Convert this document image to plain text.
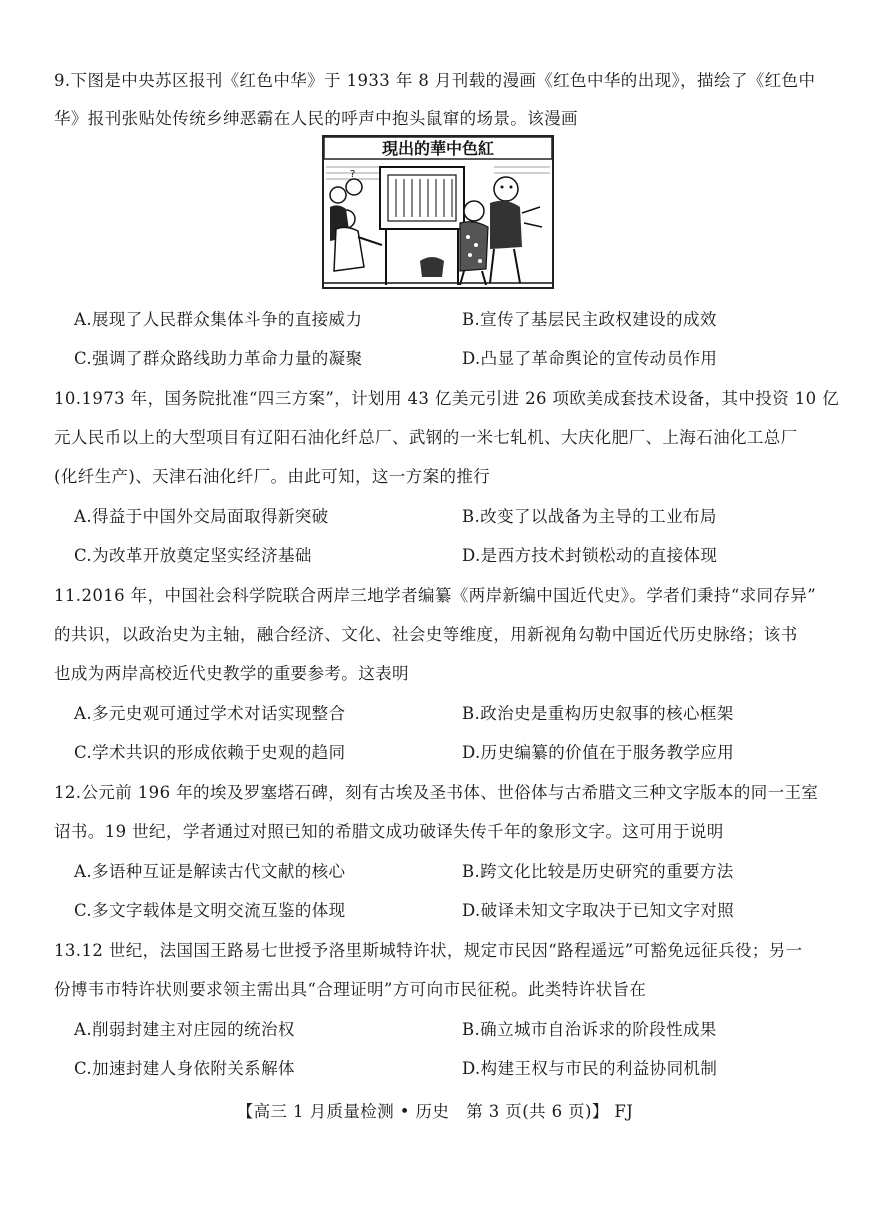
9.下图是中央苏区报刊《红色中华》于 1933 年 8 月刊载的漫画《红色中华的出现》，描绘了《红色中
华》报刊张贴处传统乡绅恶霸在人民的呼声中抱头鼠窜的场景。该漫画
現出的華中色紅
?
A.展现了人民群众集体斗争的直接威力	B.宣传了基层民主政权建设的成效
C.强调了群众路线助力革命力量的凝聚	D.凸显了革命舆论的宣传动员作用
10.1973 年，国务院批准“四三方案”，计划用 43 亿美元引进 26 项欧美成套技术设备，其中投资 10 亿
元人民币以上的大型项目有辽阳石油化纤总厂、武钢的一米七轧机、大庆化肥厂、上海石油化工总厂
(化纤生产)、天津石油化纤厂。由此可知，这一方案的推行
A.得益于中国外交局面取得新突破	B.改变了以战备为主导的工业布局
C.为改革开放奠定坚实经济基础	D.是西方技术封锁松动的直接体现
11.2016 年，中国社会科学院联合两岸三地学者编纂《两岸新编中国近代史》。学者们秉持“求同存异”
的共识，以政治史为主轴，融合经济、文化、社会史等维度，用新视角勾勒中国近代历史脉络；该书
也成为两岸高校近代史教学的重要参考。这表明
A.多元史观可通过学术对话实现整合	B.政治史是重构历史叙事的核心框架
C.学术共识的形成依赖于史观的趋同	D.历史编纂的价值在于服务教学应用
12.公元前 196 年的埃及罗塞塔石碑，刻有古埃及圣书体、世俗体与古希腊文三种文字版本的同一王室
诏书。19 世纪，学者通过对照已知的希腊文成功破译失传千年的象形文字。这可用于说明
A.多语种互证是解读古代文献的核心	B.跨文化比较是历史研究的重要方法
C.多文字载体是文明交流互鉴的体现	D.破译未知文字取决于已知文字对照
13.12 世纪，法国国王路易七世授予洛里斯城特许状，规定市民因“路程遥远”可豁免远征兵役；另一
份博韦市特许状则要求领主需出具“合理证明”方可向市民征税。此类特许状旨在
A.削弱封建主对庄园的统治权	B.确立城市自治诉求的阶段性成果
C.加速封建人身依附关系解体	D.构建王权与市民的利益协同机制
【高三 1 月质量检测 • 历史　第 3 页(共 6 页)】 FJ
